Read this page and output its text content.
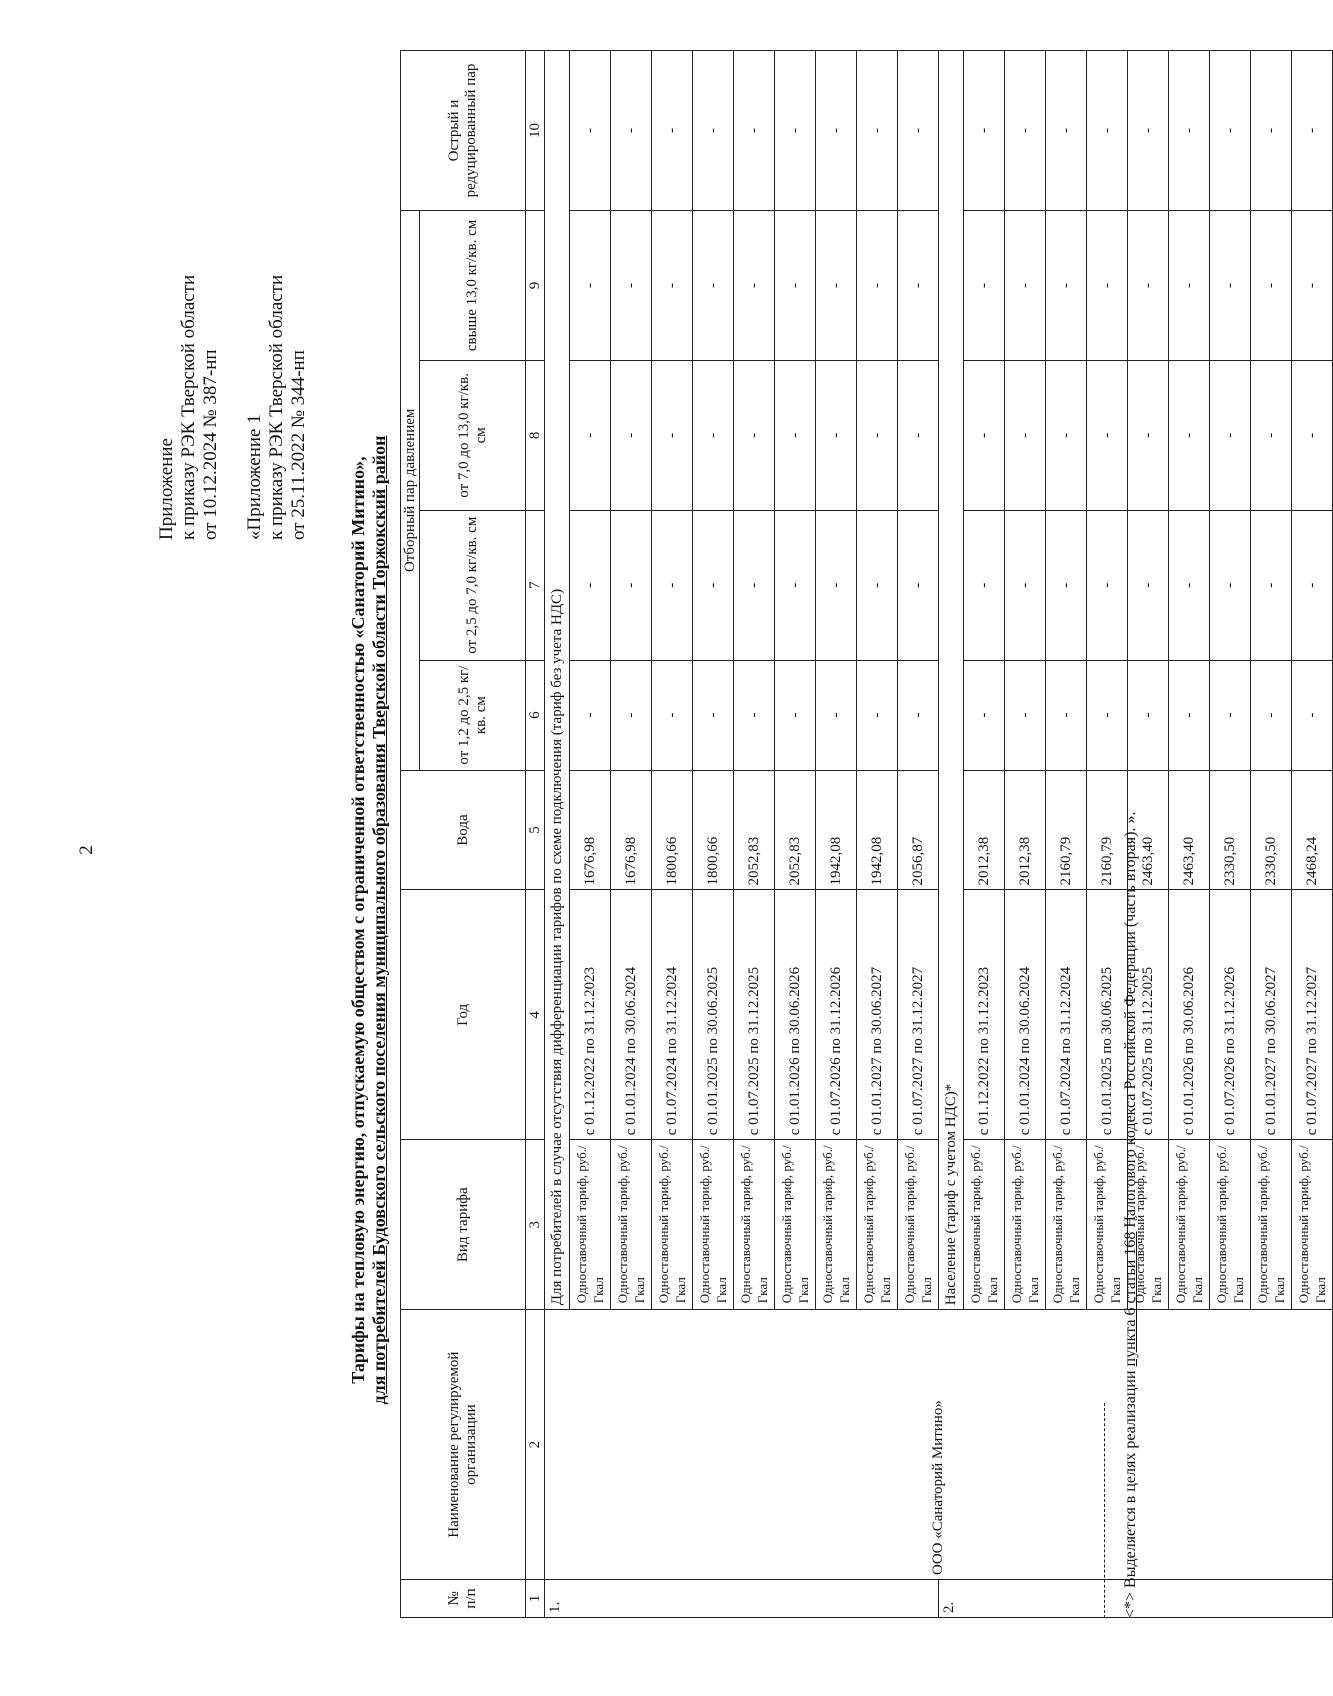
2
Приложение к приказу РЭК Тверской области от 10.12.2024 № 387-нп «Приложение 1 к приказу РЭК Тверской области от 25.11.2022 № 344-нп
Тарифы на тепловую энергию, отпускаемую обществом с ограниченной ответственностью «Санаторий Митино», для потребителей Будовского сельского поселения муниципального образования Тверской области Торжокский район
№ п/п	Наименование регулируемой организации	Вид тарифа	Год	Вода	Отборный пар давлением				Острый и редуцированный пар
					от 1,2 до 2,5 кг/кв. см	от 2,5 до 7,0 кг/кв. см	от 7,0 до 13,0 кг/кв. см	свыше 13,0 кг/кв. см	
1	2	3	4	5	6	7	8	9	10
1.	ООО «Санаторий Митино»	Для потребителей в случае отсутствия дифференциации тарифов по схеме подключения (тариф без учета НДС)							
		Одноставочный тариф, руб./Гкал	с 01.12.2022 по 31.12.2023	1676,98	-	-	-	-	-
		Одноставочный тариф, руб./Гкал	с 01.01.2024 по 30.06.2024	1676,98	-	-	-	-	-
		Одноставочный тариф, руб./Гкал	с 01.07.2024 по 31.12.2024	1800,66	-	-	-	-	-
		Одноставочный тариф, руб./Гкал	с 01.01.2025 по 30.06.2025	1800,66	-	-	-	-	-
		Одноставочный тариф, руб./Гкал	с 01.07.2025 по 31.12.2025	2052,83	-	-	-	-	-
		Одноставочный тариф, руб./Гкал	с 01.01.2026 по 30.06.2026	2052,83	-	-	-	-	-
		Одноставочный тариф, руб./Гкал	с 01.07.2026 по 31.12.2026	1942,08	-	-	-	-	-
		Одноставочный тариф, руб./Гкал	с 01.01.2027 по 30.06.2027	1942,08	-	-	-	-	-
		Одноставочный тариф, руб./Гкал	с 01.07.2027 по 31.12.2027	2056,87	-	-	-	-	-
2.		Население (тариф с учетом НДС)*							
		Одноставочный тариф, руб./Гкал	с 01.12.2022 по 31.12.2023	2012,38	-	-	-	-	-
		Одноставочный тариф, руб./Гкал	с 01.01.2024 по 30.06.2024	2012,38	-	-	-	-	-
		Одноставочный тариф, руб./Гкал	с 01.07.2024 по 31.12.2024	2160,79	-	-	-	-	-
		Одноставочный тариф, руб./Гкал	с 01.01.2025 по 30.06.2025	2160,79	-	-	-	-	-
		Одноставочный тариф, руб./Гкал	с 01.07.2025 по 31.12.2025	2463,40	-	-	-	-	-
		Одноставочный тариф, руб./Гкал	с 01.01.2026 по 30.06.2026	2463,40	-	-	-	-	-
		Одноставочный тариф, руб./Гкал	с 01.07.2026 по 31.12.2026	2330,50	-	-	-	-	-
		Одноставочный тариф, руб./Гкал	с 01.01.2027 по 30.06.2027	2330,50	-	-	-	-	-
		Одноставочный тариф, руб./Гкал	с 01.07.2027 по 31.12.2027	2468,24	-	-	-	-	-
<*> Выделяется в целях реализации пункта 6 статьи 168 Налогового кодекса Российской Федерации (часть вторая). ».
